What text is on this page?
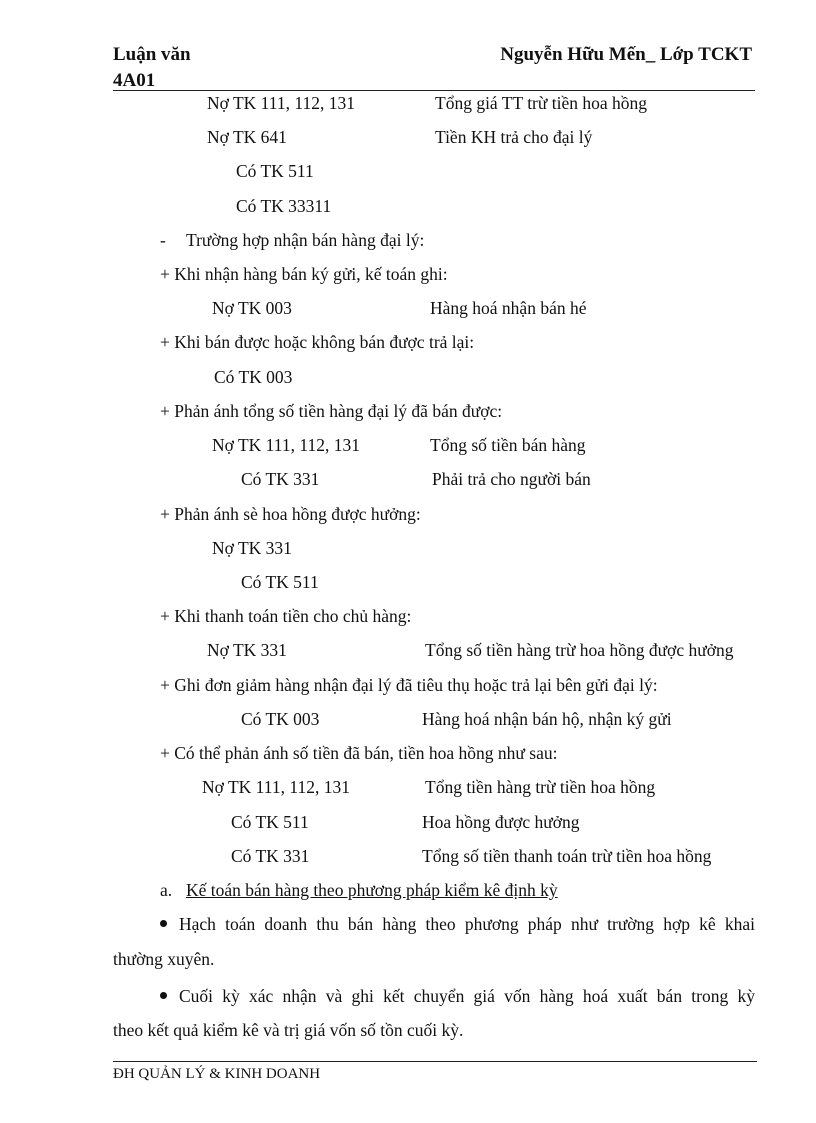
Luận văn
4A01
Nguyễn Hữu Mến_ Lớp TCKT
Nợ TK 111, 112, 131	Tổng giá TT trừ tiền hoa hồng
Nợ TK 641	Tiền KH trả cho đại lý
Có TK 511
Có TK 33311
- Trường hợp nhận bán hàng đại lý:
+ Khi nhận hàng bán ký gửi, kế toán ghi:
Nợ TK 003	Hàng hoá nhận bán hé
+ Khi bán được hoặc không bán được trả lại:
Có TK 003
+ Phản ánh tổng số tiền hàng đại lý đã bán được:
Nợ TK 111, 112, 131	Tổng số tiền bán hàng
Có TK 331	Phải trả cho người bán
+ Phản ánh sè hoa hồng được hưởng:
Nợ TK 331
Có TK 511
+ Khi thanh toán tiền cho chủ hàng:
Nợ TK 331	Tổng số tiền hàng trừ hoa hồng được hưởng
+ Ghi đơn giảm hàng nhận đại lý đã tiêu thụ hoặc trả lại bên gửi đại lý:
Có TK 003	Hàng hoá nhận bán hộ, nhận ký gửi
+ Có thể phản ánh số tiền đã bán, tiền hoa hồng như sau:
Nợ TK 111, 112, 131	Tổng tiền hàng trừ tiền hoa hồng
Có TK 511	Hoa hồng được hưởng
Có TK 331	Tổng số tiền thanh toán trừ tiền hoa hồng
a. Kế toán bán hàng theo phương pháp kiểm kê định kỳ
Hạch toán doanh thu bán hàng theo phương pháp như trường hợp kê khai
thường xuyên.
Cuối kỳ xác nhận và ghi kết chuyển giá vốn hàng hoá xuất bán trong kỳ
theo kết quả kiểm kê và trị giá vốn số tồn cuối kỳ.
ĐH QUẢN LÝ & KINH DOANH
